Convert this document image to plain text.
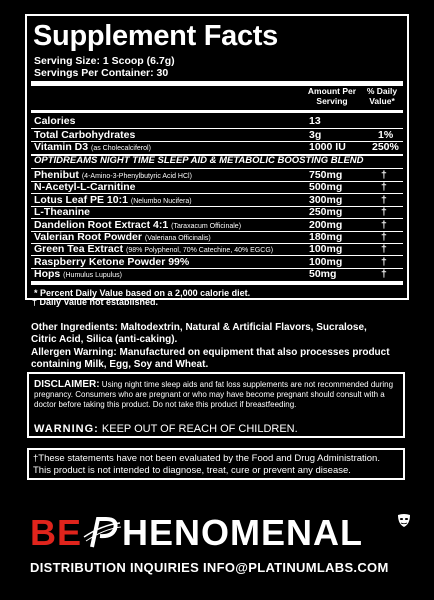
Supplement Facts
Serving Size: 1 Scoop (6.7g)
Servings Per Container: 30
Amount Per Serving
% Daily Value*
Calories	13
Total Carbohydrates	3g	1%
Vitamin D3 (as Cholecalciferol)	1000 IU 250%
OPTIDREAMS NIGHT TIME SLEEP AID & METABOLIC BOOSTING BLEND
Phenibut (4-Amino-3-Phenylbutyric Acid HCl)	750mg	†
N-Acetyl-L-Carnitine	500mg	†
Lotus Leaf PE 10:1 (Nelumbo Nucifera)	300mg	†
L-Theanine	250mg	†
Dandelion Root Extract 4:1 (Taraxacum Officinale)	200mg	†
Valerian Root Powder (Valeriana Officinalis)	180mg	†
Green Tea Extract (98% Polyphenol, 70% Catechine, 40% EGCG)	100mg	†
Raspberry Ketone Powder 99%	100mg	†
Hops (Humulus Lupulus)	50mg	†
* Percent Daily Value based on a 2,000 calorie diet.
† Daily Value not established.
Other Ingredients: Maltodextrin, Natural & Artificial Flavors, Sucralose,
Citric Acid, Silica (anti-caking).
Allergen Warning: Manufactured on equipment that also processes product
containing Milk, Egg, Soy and Wheat.
DISCLAIMER: Using night time sleep aids and fat loss supplements are not recommended during pregnancy. Consumers who are pregnant or who may have become pregnant should consult with a doctor before taking this product. Do not take this product if breastfeeding.
WARNING: KEEP OUT OF REACH OF CHILDREN.
†These statements have not been evaluated by the Food and Drug Administration.
This product is not intended to diagnose, treat, cure or prevent any disease.
BE HENOMENAL
DISTRIBUTION INQUIRIES INFO@PLATINUMLABS.COM
